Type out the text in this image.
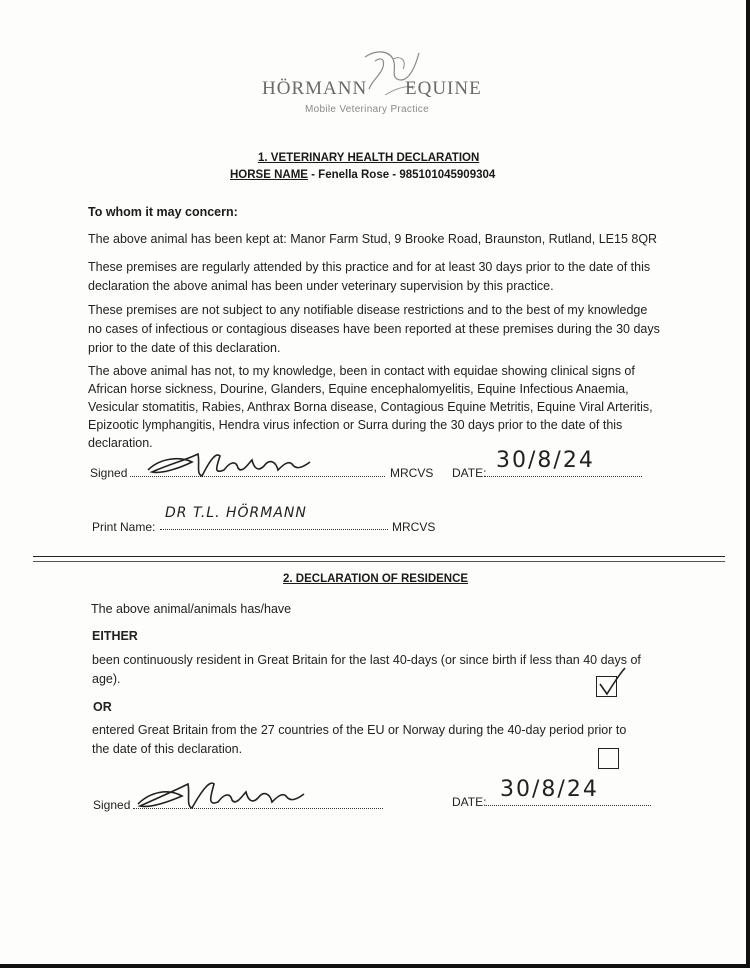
HÖRMANN EQUINE
Mobile Veterinary Practice
1. VETERINARY HEALTH DECLARATION
HORSE NAME - Fenella Rose - 985101045909304
To whom it may concern:
The above animal has been kept at: Manor Farm Stud, 9 Brooke Road, Braunston, Rutland, LE15 8QR
These premises are regularly attended by this practice and for at least 30 days prior to the date of this
declaration the above animal has been under veterinary supervision by this practice.
These premises are not subject to any notifiable disease restrictions and to the best of my knowledge
no cases of infectious or contagious diseases have been reported at these premises during the 30 days
prior to the date of this declaration.
The above animal has not, to my knowledge, been in contact with equidae showing clinical signs of
African horse sickness, Dourine, Glanders, Equine encephalomyelitis, Equine Infectious Anaemia,
Vesicular stomatitis, Rabies, Anthrax Borna disease, Contagious Equine Metritis, Equine Viral Arteritis,
Epizootic lymphangitis, Hendra virus infection or Surra during the 30 days prior to the date of this
declaration.
Signed	MRCVS DATE: 30/8/24
Print Name:
DR T.L. HÖRMANN
MRCVS
2. DECLARATION OF RESIDENCE
The above animal/animals has/have
EITHER
been continuously resident in Great Britain for the last 40-days (or since birth if less than 40 days of
age).
OR
entered Great Britain from the 27 countries of the EU or Norway during the 40-day period prior to
the date of this declaration.
Signed	DATE: 30/8/24
